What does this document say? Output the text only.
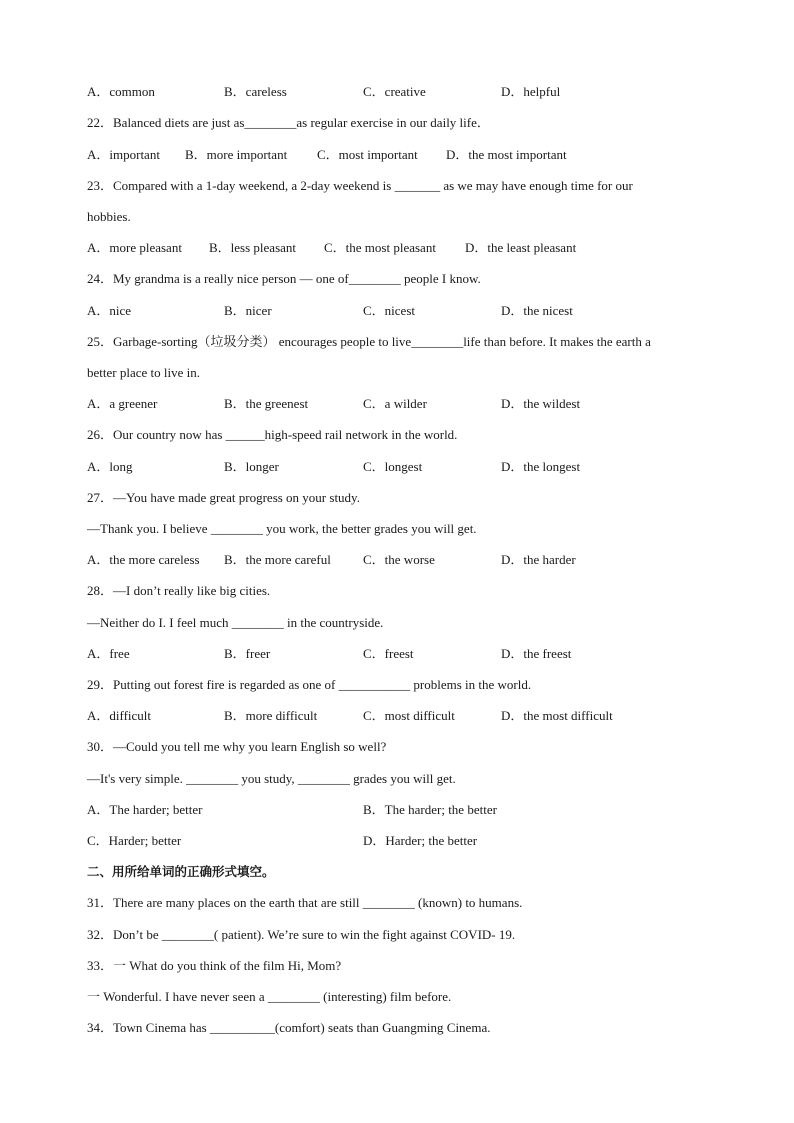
A．common	B．careless	C．creative	D．helpful
22．Balanced diets are just as________as regular exercise in our daily life．
A．important B．more important C．most important D．the most important
23．Compared with a 1-day weekend, a 2-day weekend is _______ as we may have enough time for our
hobbies.
A．more pleasant B．less pleasant C．the most pleasant D．the least pleasant
24．My grandma is a really nice person — one of________ people I know.
A．nice	B．nicer	C．nicest	D．the nicest
25．Garbage-sorting（垃圾分类） encourages people to live________life than before. It makes the earth a
better place to live in.
A．a greener	B．the greenest	C．a wilder	D．the wildest
26．Our country now has ______high-speed rail network in the world.
A．long	B．longer	C．longest	D．the longest
27．—You have made great progress on your study.
—Thank you. I believe ________ you work, the better grades you will get.
A．the more careless B．the more careful C．the worse	D．the harder
28．—I don’t really like big cities.
—Neither do I. I feel much ________ in the countryside.
A．free	B．freer	C．freest	D．the freest
29．Putting out forest fire is regarded as one of ___________ problems in the world.
A．difficult	B．more difficult	C．most difficult	D．the most difficult
30．—Could you tell me why you learn English so well?
—It's very simple. ________ you study, ________ grades you will get.
A．The harder; better	B．The harder; the better
C．Harder; better	D．Harder; the better
二、用所给单词的正确形式填空。
31．There are many places on the earth that are still ________ (known) to humans.
32．Don’t be ________( patient). We’re sure to win the fight against COVID- 19.
33．一 What do you think of the film Hi, Mom?
一 Wonderful. I have never seen a ________ (interesting) film before.
34．Town Cinema has __________(comfort) seats than Guangming Cinema.
